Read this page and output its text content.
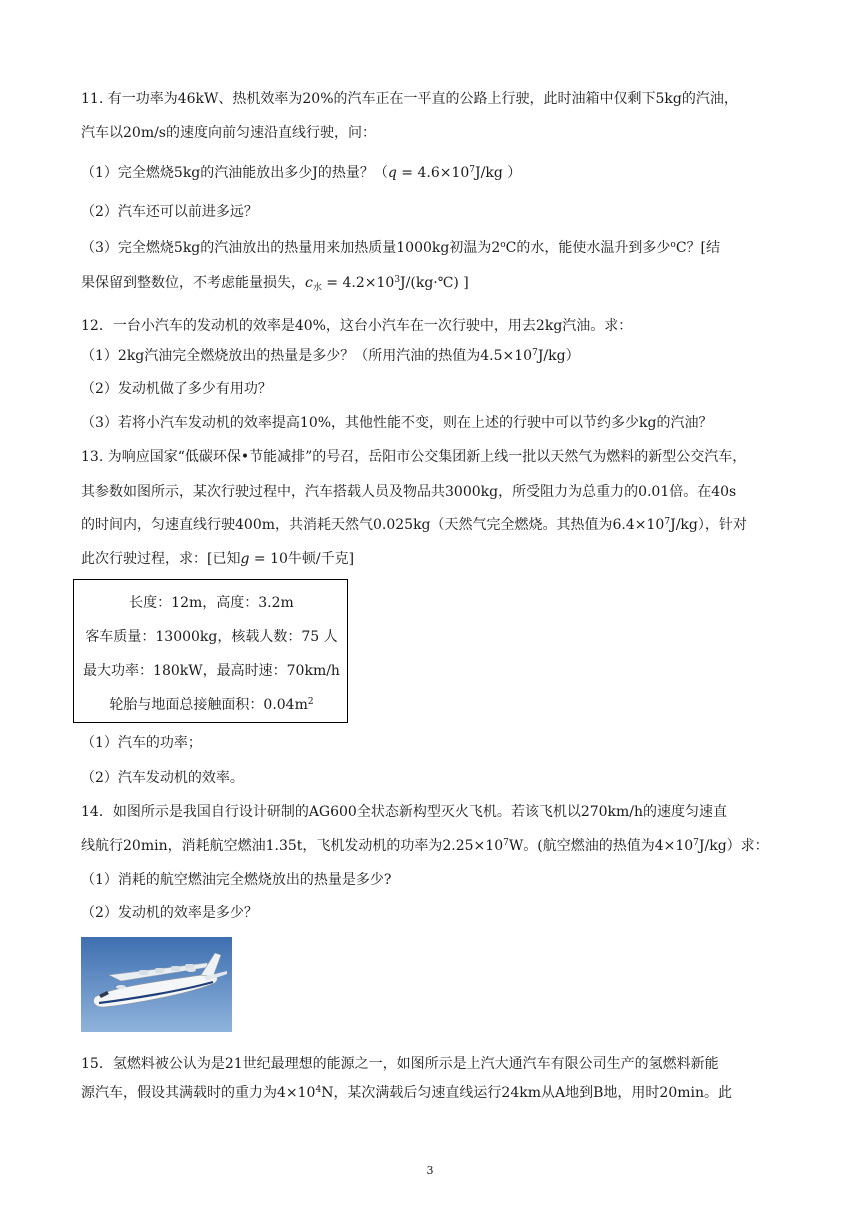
11. 有一功率为46kW、热机效率为20%的汽车正在一平直的公路上行驶，此时油箱中仅剩下5kg的汽油，
汽车以20m/s的速度向前匀速沿直线行驶，问：
（1）完全燃烧5kg的汽油能放出多少J的热量？（$q = 4.6\times 10^7J/kg$ ）
（2）汽车还可以前进多远？
（3）完全燃烧5kg的汽油放出的热量用来加热质量1000kg初温为2$^o$C的水，能使水温升到多少$^o$C？[结
果保留到整数位，不考虑能量损失，$c_水$ = $4.2\times 10^3J/(kg\cdot℃)$ ]
12．一台小汽车的发动机的效率是40%，这台小汽车在一次行驶中，用去2kg汽油。求：
（1）2kg汽油完全燃烧放出的热量是多少？（所用汽油的热值为$4.5\times 10^7J/kg$）
（2）发动机做了多少有用功？
（3）若将小汽车发动机的效率提高10%，其他性能不变，则在上述的行驶中可以节约多少kg的汽油？
13. 为响应国家“低碳环保•节能减排”的号召，岳阳市公交集团新上线一批以天然气为燃料的新型公交汽车，
其参数如图所示，某次行驶过程中，汽车搭载人员及物品共3000kg，所受阻力为总重力的0.01倍。在40s
的时间内，匀速直线行驶400m，共消耗天然气0.025kg（天然气完全燃烧。其热值为$6.4\times 10^7J/kg$），针对
此次行驶过程，求：[已知g = 10牛顿/千克]
长度：12m，高度：3.2m
客车质量：13000kg，核载人数：75 人
最大功率：180kW，最高时速：70km/h
轮胎与地面总接触面积：$0.04m^2$
（1）汽车的功率；
（2）汽车发动机的效率。
14．如图所示是我国自行设计研制的AG600全状态新构型灭火飞机。若该飞机以270km/h的速度匀速直
线航行20min，消耗航空燃油1.35t，飞机发动机的功率为$2.25\times 10^7W$。(航空燃油的热值为$4\times 10^7J/kg$）求：
（1）消耗的航空燃油完全燃烧放出的热量是多少?
（2）发动机的效率是多少？
15．氢燃料被公认为是21世纪最理想的能源之一，如图所示是上汽大通汽车有限公司生产的氢燃料新能
源汽车，假设其满载时的重力为$4\times 10^4N$，某次满载后匀速直线运行24km从A地到B地，用时20min。此
3
